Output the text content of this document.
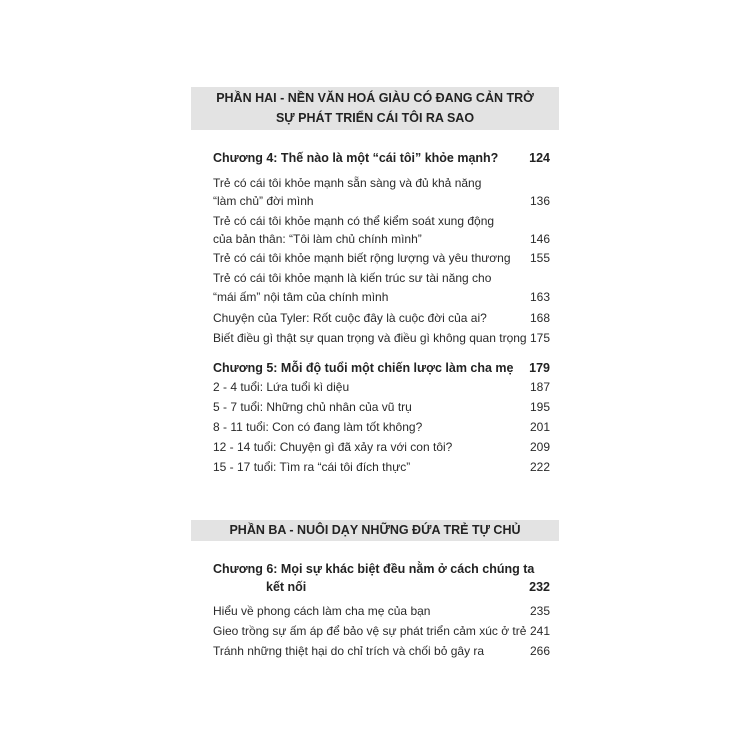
PHẦN HAI - NỀN VĂN HOÁ GIÀU CÓ ĐANG CẢN TRỞ
SỰ PHÁT TRIỂN CÁI TÔI RA SAO
Chương 4: Thế nào là một “cái tôi” khỏe mạnh? 124
Trẻ có cái tôi khỏe mạnh sẵn sàng và đủ khả năng
“làm chủ” đời mình	136
Trẻ có cái tôi khỏe mạnh có thể kiểm soát xung động
của bản thân: “Tôi làm chủ chính mình”	146
Trẻ có cái tôi khỏe mạnh biết rộng lượng và yêu thương 155
Trẻ có cái tôi khỏe mạnh là kiến trúc sư tài năng cho
“mái ấm” nội tâm của chính mình	163
Chuyện của Tyler: Rốt cuộc đây là cuộc đời của ai?	168
Biết điều gì thật sự quan trọng và điều gì không quan trọng 175
Chương 5: Mỗi độ tuổi một chiến lược làm cha mẹ 179
2 - 4 tuổi: Lứa tuổi kì diệu	187
5 - 7 tuổi: Những chủ nhân của vũ trụ	195
8 - 11 tuổi: Con có đang làm tốt không?	201
12 - 14 tuổi: Chuyện gì đã xảy ra với con tôi?	209
15 - 17 tuổi: Tìm ra “cái tôi đích thực”	222
PHẦN BA - NUÔI DẠY NHỮNG ĐỨA TRẺ TỰ CHỦ
Chương 6: Mọi sự khác biệt đều nằm ở cách chúng ta
kết nối	232
Hiểu về phong cách làm cha mẹ của bạn	235
Gieo trồng sự ấm áp để bảo vệ sự phát triển cảm xúc ở trẻ 241
Tránh những thiệt hại do chỉ trích và chối bỏ gây ra	266
